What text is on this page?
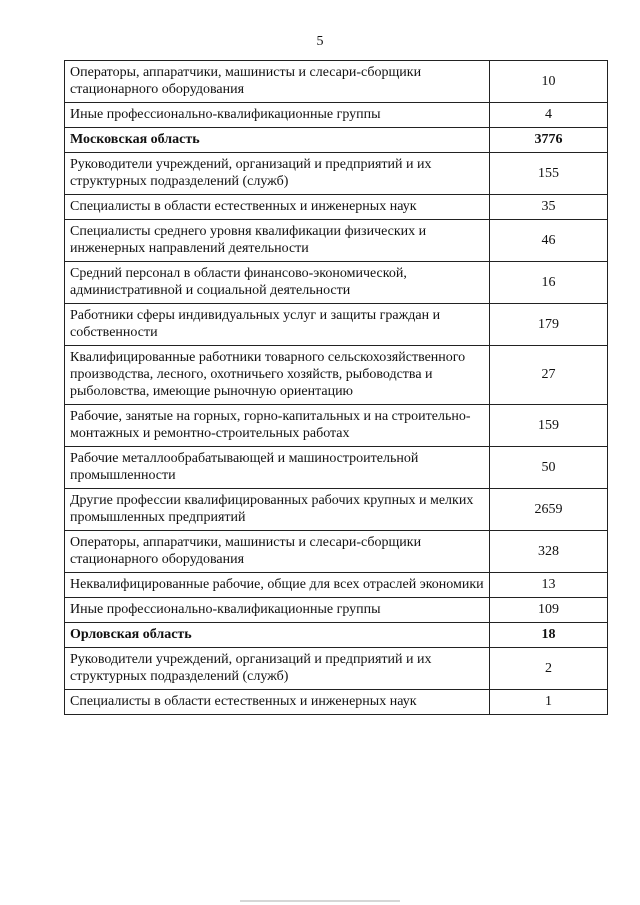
5
Операторы, аппаратчики, машинисты и слесари-сборщики стационарного оборудования	10
Иные профессионально-квалификационные группы	4
Московская область	3776
Руководители учреждений, организаций и предприятий и их структурных подразделений (служб)	155
Специалисты в области естественных и инженерных наук	35
Специалисты среднего уровня квалификации физических и инженерных направлений деятельности	46
Средний персонал в области финансово-экономической, административной и социальной деятельности	16
Работники сферы индивидуальных услуг и защиты граждан и собственности	179
Квалифицированные работники товарного сельскохозяйственного производства, лесного, охотничьего хозяйств, рыбоводства и рыболовства, имеющие рыночную ориентацию	27
Рабочие, занятые на горных, горно-капитальных и на строительно-монтажных и ремонтно-строительных работах	159
Рабочие металлообрабатывающей и машиностроительной промышленности	50
Другие профессии квалифицированных рабочих крупных и мелких промышленных предприятий	2659
Операторы, аппаратчики, машинисты и слесари-сборщики стационарного оборудования	328
Неквалифицированные рабочие, общие для всех отраслей экономики	13
Иные профессионально-квалификационные группы	109
Орловская область	18
Руководители учреждений, организаций и предприятий и их структурных подразделений (служб)	2
Специалисты в области естественных и инженерных наук	1
